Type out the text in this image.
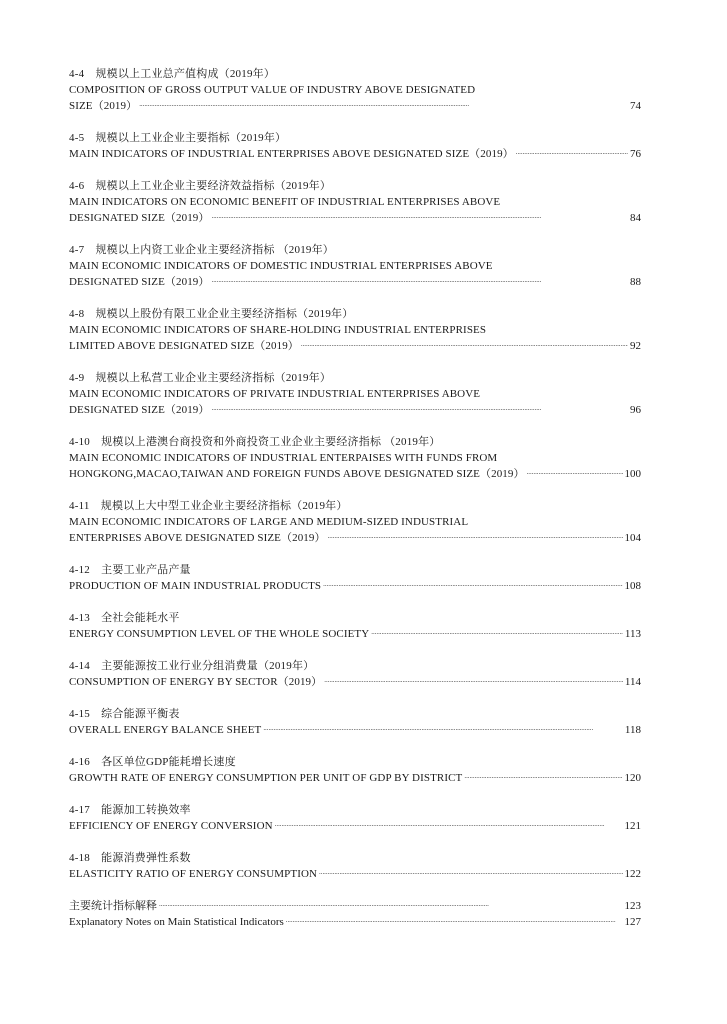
4-4　规模以上工业总产值构成（2019年）
COMPOSITION OF GROSS OUTPUT VALUE OF INDUSTRY ABOVE DESIGNATED
SIZE（2019） . . .	74
4-5　规模以上工业企业主要指标（2019年）
MAIN INDICATORS OF INDUSTRIAL ENTERPRISES ABOVE DESIGNATED SIZE（2019） . . .	76
4-6　规模以上工业企业主要经济效益指标（2019年）
MAIN INDICATORS ON ECONOMIC BENEFIT OF INDUSTRIAL ENTERPRISES ABOVE
DESIGNATED SIZE（2019） . . .	84
4-7　规模以上内资工业企业主要经济指标 （2019年）
MAIN ECONOMIC INDICATORS OF DOMESTIC INDUSTRIAL ENTERPRISES ABOVE
DESIGNATED SIZE（2019） . . .	88
4-8　规模以上股份有限工业企业主要经济指标（2019年）
MAIN ECONOMIC INDICATORS OF SHARE-HOLDING INDUSTRIAL ENTERPRISES
LIMITED ABOVE DESIGNATED SIZE（2019） . . .	92
4-9　规模以上私营工业企业主要经济指标（2019年）
MAIN ECONOMIC INDICATORS OF PRIVATE INDUSTRIAL ENTERPRISES ABOVE
DESIGNATED SIZE（2019） . . .	96
4-10　规模以上港澳台商投资和外商投资工业企业主要经济指标 （2019年）
MAIN ECONOMIC INDICATORS OF INDUSTRIAL ENTERPAISES WITH FUNDS FROM
HONGKONG,MACAO,TAIWAN AND FOREIGN FUNDS ABOVE DESIGNATED SIZE（2019） . . .	100
4-11　规模以上大中型工业企业主要经济指标（2019年）
MAIN ECONOMIC INDICATORS OF LARGE AND MEDIUM-SIZED INDUSTRIAL
ENTERPRISES ABOVE DESIGNATED SIZE（2019） . . .	104
4-12　主要工业产品产量
PRODUCTION OF MAIN INDUSTRIAL PRODUCTS . . .	108
4-13　全社会能耗水平
ENERGY CONSUMPTION LEVEL OF THE WHOLE SOCIETY . . .	113
4-14　主要能源按工业行业分组消费量（2019年）
CONSUMPTION OF ENERGY BY SECTOR（2019） . . .	114
4-15　综合能源平衡表
OVERALL ENERGY BALANCE SHEET . . .	118
4-16　各区单位GDP能耗增长速度
GROWTH RATE OF ENERGY CONSUMPTION PER UNIT OF GDP BY DISTRICT . . .	120
4-17　能源加工转换效率
EFFICIENCY OF ENERGY CONVERSION . . .	121
4-18　能源消费弹性系数
ELASTICITY RATIO OF ENERGY CONSUMPTION . . .	122
主要统计指标解释 . . .	123
Explanatory Notes on Main Statistical Indicators . . .	127
